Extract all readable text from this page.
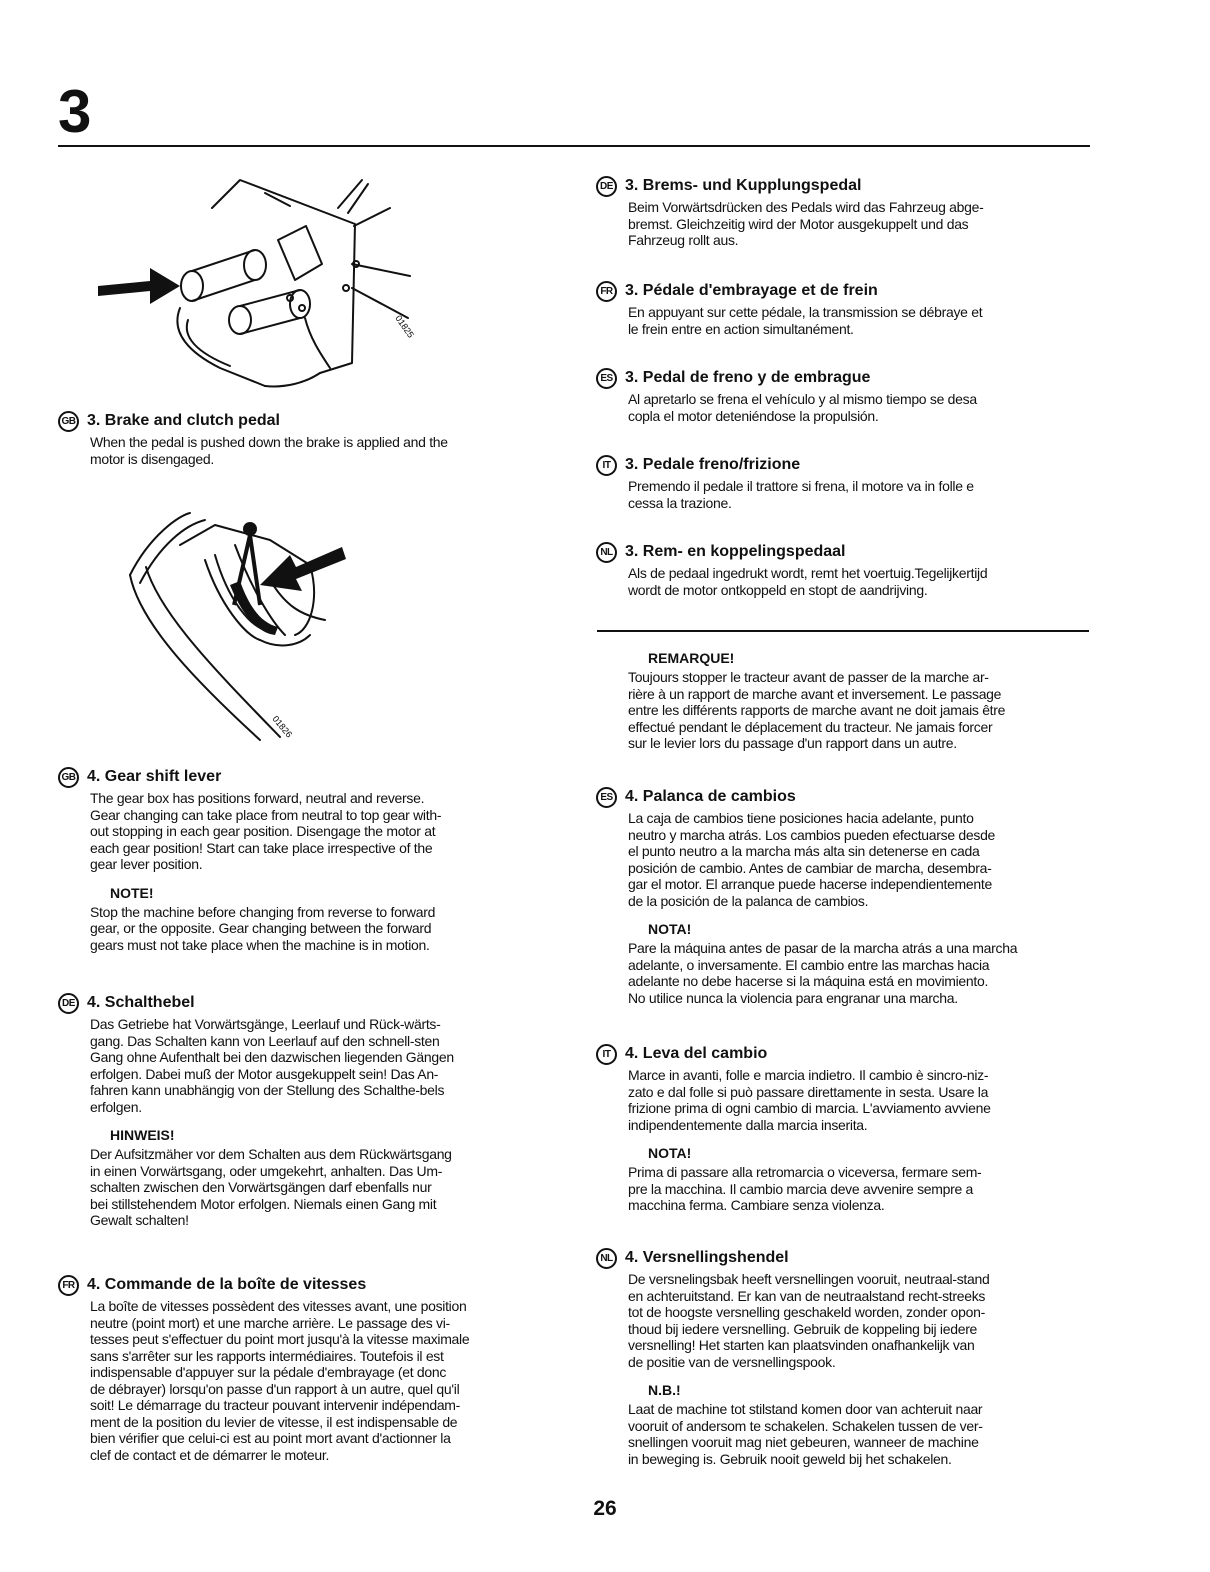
3
01825
01826
GB 3. Brake and clutch pedal

When the pedal is pushed down the brake is applied and the
motor is disengaged.

GB 4. Gear shift lever

The gear box has positions forward, neutral and reverse.
Gear changing can take place from neutral to top gear with-
out stopping in each gear position. Disengage the motor at
each gear position! Start can take place irrespective of the
gear lever position.

NOTE!

Stop the machine before changing from reverse to forward
gear, or the opposite. Gear changing between the forward
gears must not take place when the machine is in motion.

DE 4. Schalthebel

Das Getriebe hat Vorwärtsgänge, Leerlauf und Rück-wärts-
gang. Das Schalten kann von Leerlauf auf den schnell-sten
Gang ohne Aufenthalt bei den dazwischen liegenden Gängen
erfolgen. Dabei muß der Motor ausgekuppelt sein! Das An-
fahren kann unabhängig von der Stellung des Schalthe-bels
erfolgen.

HINWEIS!

Der Aufsitzmäher vor dem Schalten aus dem Rückwärtsgang
in einen Vorwärtsgang, oder umgekehrt, anhalten. Das Um-
schalten zwischen den Vorwärtsgängen darf ebenfalls nur
bei stillstehendem Motor erfolgen. Niemals einen Gang mit
Gewalt schalten!

FR 4. Commande de la boîte de vitesses

La boîte de vitesses possèdent des vitesses avant, une position
neutre (point mort) et une marche arrière. Le passage des vi-
tesses peut s'effectuer du point mort jusqu'à la vitesse maximale
sans s'arrêter sur les rapports intermédiaires. Toutefois il est
indispensable d'appuyer sur la pédale d'embrayage (et donc
de débrayer) lorsqu'on passe d'un rapport à un autre, quel qu'il
soit! Le démarrage du tracteur pouvant intervenir indépendam-
ment de la position du levier de vitesse, il est indispensable de
bien vérifier que celui-ci est au point mort avant d'actionner la
clef de contact et de démarrer le moteur.

DE 3. Brems- und Kupplungspedal

Beim Vorwärtsdrücken des Pedals wird das Fahrzeug abge-
bremst. Gleichzeitig wird der Motor ausgekuppelt und das
Fahrzeug rollt aus.

FR 3. Pédale d'embrayage et de frein

En appuyant sur cette pédale, la transmission se débraye et
le frein entre en action simultanément.

ES 3. Pedal de freno y de embrague

Al apretarlo se frena el vehículo y al mismo tiempo se desa
copla el motor deteniéndose la propulsión.

IT 3. Pedale freno/frizione

Premendo il pedale il trattore si frena, il motore va in folle e
cessa la trazione.

NL 3. Rem- en koppelingspedaal

Als de pedaal ingedrukt wordt, remt het voertuig.Tegelijkertijd
wordt de motor ontkoppeld en stopt de aandrijving.

REMARQUE!

Toujours stopper le tracteur avant de passer de la marche ar-
rière à un rapport de marche avant et inversement. Le passage
entre les différents rapports de marche avant ne doit jamais être
effectué pendant le déplacement du tracteur. Ne jamais forcer
sur le levier lors du passage d'un rapport dans un autre.

ES 4. Palanca de cambios

La caja de cambios tiene posiciones hacia adelante, punto
neutro y marcha atrás. Los cambios pueden efectuarse desde
el punto neutro a la marcha más alta sin detenerse en cada
posición de cambio. Antes de cambiar de marcha, desembra-
gar el motor. El arranque puede hacerse independientemente
de la posición de la palanca de cambios.

NOTA!

Pare la máquina antes de pasar de la marcha atrás a una marcha
adelante, o inversamente. El cambio entre las marchas hacia
adelante no debe hacerse si la máquina está en movimiento.
No utilice nunca la violencia para engranar una marcha.

IT 4. Leva del cambio

Marce in avanti, folle e marcia indietro. Il cambio è sincro-niz-
zato e dal folle si può passare direttamente in sesta. Usare la
frizione prima di ogni cambio di marcia. L'avviamento avviene
indipendentemente dalla marcia inserita.

NOTA!

Prima di passare alla retromarcia o viceversa, fermare sem-
pre la macchina. Il cambio marcia deve avvenire sempre a
macchina ferma. Cambiare senza violenza.

NL 4. Versnellingshendel

De versnelingsbak heeft versnellingen vooruit, neutraal-stand
en achteruitstand. Er kan van de neutraalstand recht-streeks
tot de hoogste versnelling geschakeld worden, zonder opon-
thoud bij iedere versnelling. Gebruik de koppeling bij iedere
versnelling! Het starten kan plaatsvinden onafhankelijk van
de positie van de versnellingspook.

N.B.!

Laat de machine tot stilstand komen door van achteruit naar
vooruit of andersom te schakelen. Schakelen tussen de ver-
snellingen vooruit mag niet gebeuren, wanneer de machine
in beweging is. Gebruik nooit geweld bij het schakelen.

26
